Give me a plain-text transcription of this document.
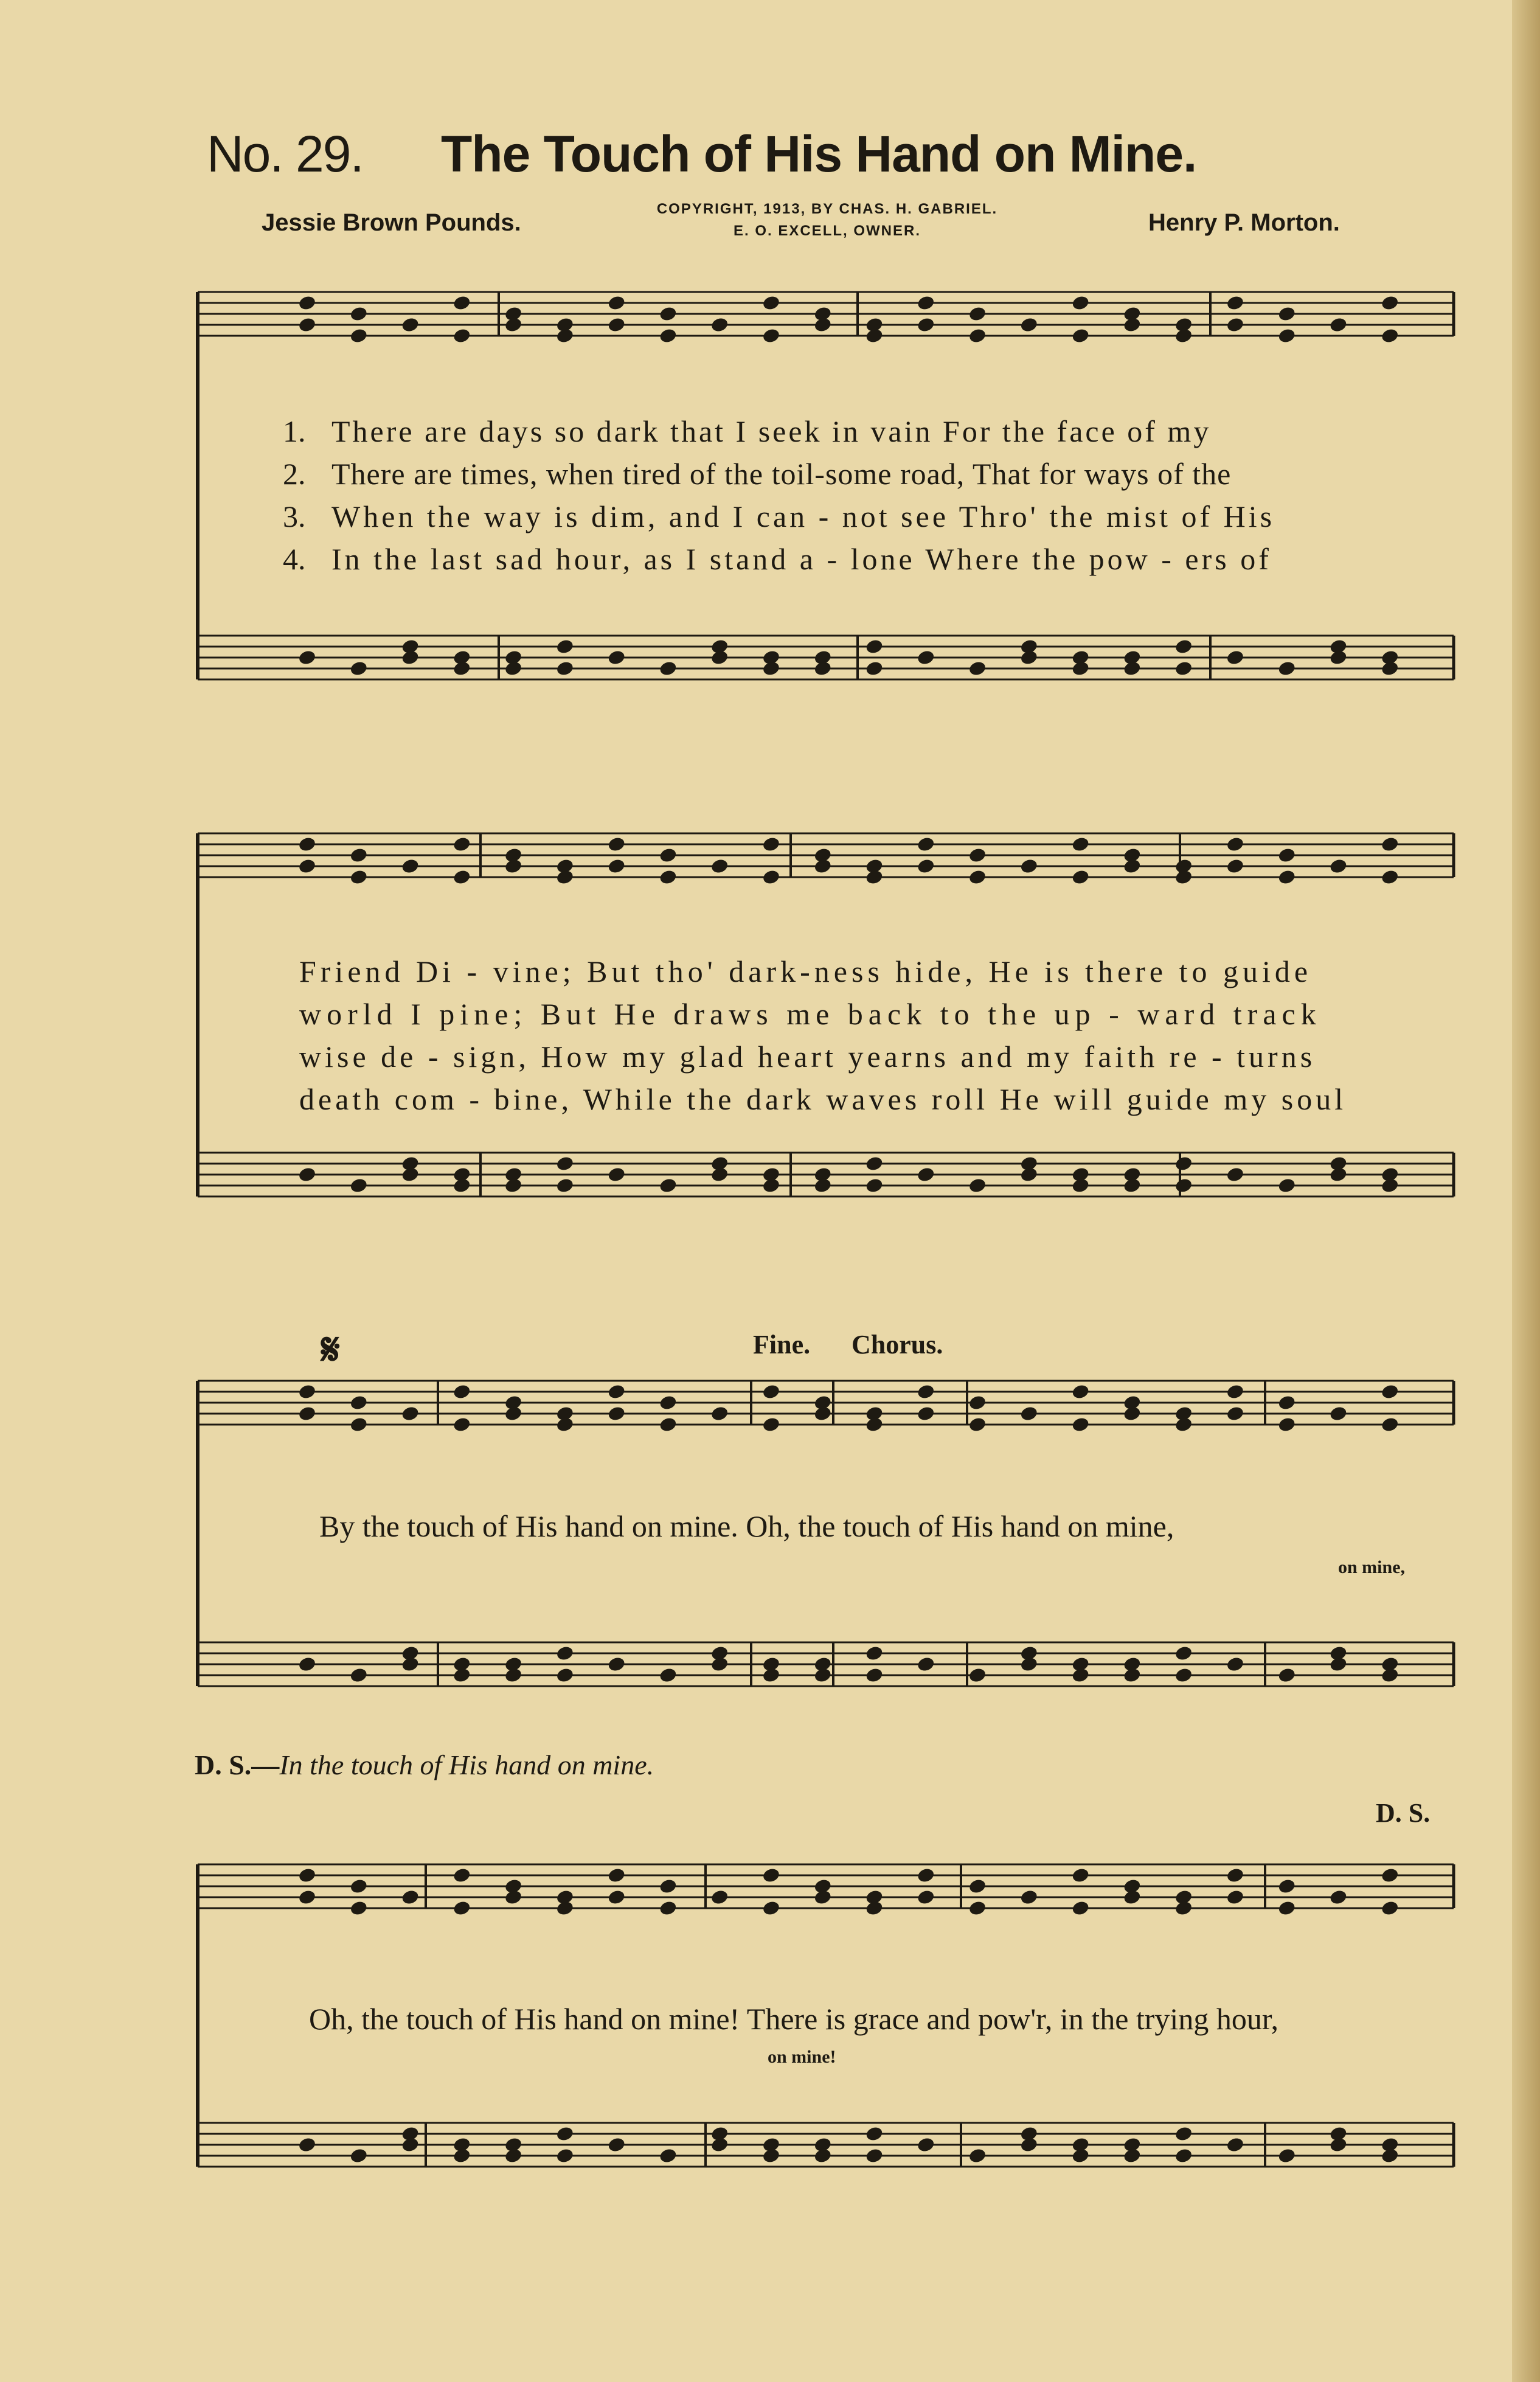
No. 29. The Touch of His Hand on Mine.
Jessie Brown Pounds.
COPYRIGHT, 1913, BY CHAS. H. GABRIEL.
E. O. EXCELL, OWNER.	Henry P. Morton.
1. There are days so dark that I seek in vain For the face of my
2. There are times, when tired of the toil-some road, That for ways of the
3. When the way is dim, and I can - not see Thro' the mist of His
4. In the last sad hour, as I stand a - lone Where the pow - ers of
Friend Di - vine; But tho' dark-ness hide, He is there to guide
world I pine; But He draws me back to the up - ward track
wise de - sign, How my glad heart yearns and my faith re - turns
death com - bine, While the dark waves roll He will guide my soul
𝄋	Fine. Chorus.
By the touch of His hand on mine. Oh, the touch of His hand on mine,
on mine,
D. S.—In the touch of His hand on mine.
D. S.
Oh, the touch of His hand on mine! There is grace and pow'r, in the trying hour,
on mine!
